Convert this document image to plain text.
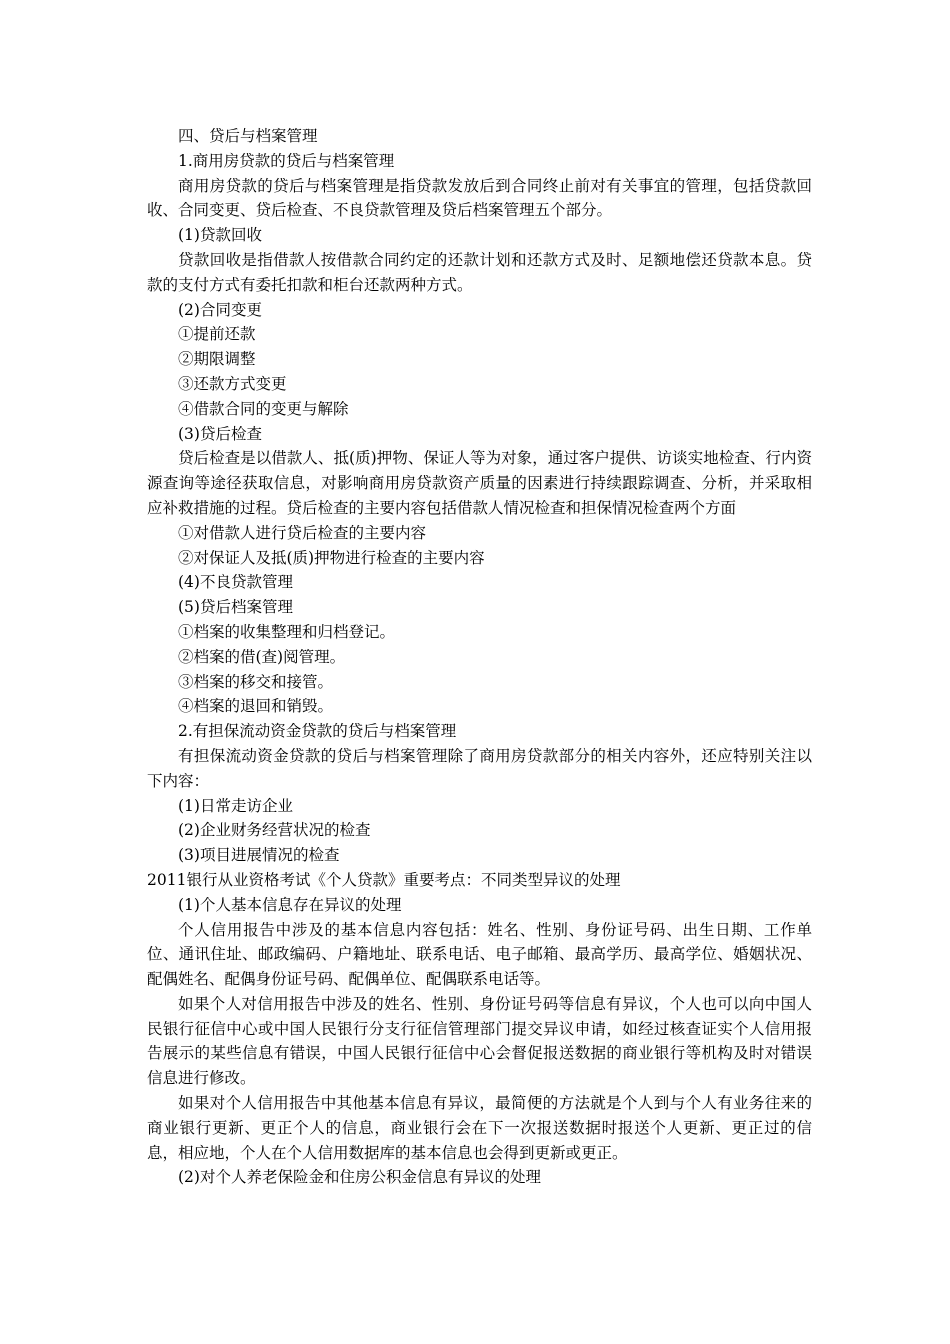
四、贷后与档案管理

1.商用房贷款的贷后与档案管理

商用房贷款的贷后与档案管理是指贷款发放后到合同终止前对有关事宜的管理，包括贷款回收、合同变更、贷后检查、不良贷款管理及贷后档案管理五个部分。

(1)贷款回收

贷款回收是指借款人按借款合同约定的还款计划和还款方式及时、足额地偿还贷款本息。贷款的支付方式有委托扣款和柜台还款两种方式。

(2)合同变更

①提前还款

②期限调整

③还款方式变更

④借款合同的变更与解除

(3)贷后检查

贷后检查是以借款人、抵(质)押物、保证人等为对象，通过客户提供、访谈实地检查、行内资源查询等途径获取信息，对影响商用房贷款资产质量的因素进行持续跟踪调查、分析，并采取相应补救措施的过程。贷后检查的主要内容包括借款人情况检查和担保情况检查两个方面

①对借款人进行贷后检查的主要内容

②对保证人及抵(质)押物进行检查的主要内容

(4)不良贷款管理

(5)贷后档案管理

①档案的收集整理和归档登记。

②档案的借(查)阅管理。

③档案的移交和接管。

④档案的退回和销毁。

2.有担保流动资金贷款的贷后与档案管理

有担保流动资金贷款的贷后与档案管理除了商用房贷款部分的相关内容外，还应特别关注以下内容：

(1)日常走访企业

(2)企业财务经营状况的检查

(3)项目进展情况的检查

2011银行从业资格考试《个人贷款》重要考点：不同类型异议的处理

(1)个人基本信息存在异议的处理

个人信用报告中涉及的基本信息内容包括：姓名、性别、身份证号码、出生日期、工作单位、通讯住址、邮政编码、户籍地址、联系电话、电子邮箱、最高学历、最高学位、婚姻状况、配偶姓名、配偶身份证号码、配偶单位、配偶联系电话等。

如果个人对信用报告中涉及的姓名、性别、身份证号码等信息有异议，个人也可以向中国人民银行征信中心或中国人民银行分支行征信管理部门提交异议申请，如经过核查证实个人信用报告展示的某些信息有错误，中国人民银行征信中心会督促报送数据的商业银行等机构及时对错误信息进行修改。

如果对个人信用报告中其他基本信息有异议，最简便的方法就是个人到与个人有业务往来的商业银行更新、更正个人的信息，商业银行会在下一次报送数据时报送个人更新、更正过的信息，相应地，个人在个人信用数据库的基本信息也会得到更新或更正。

(2)对个人养老保险金和住房公积金信息有异议的处理
